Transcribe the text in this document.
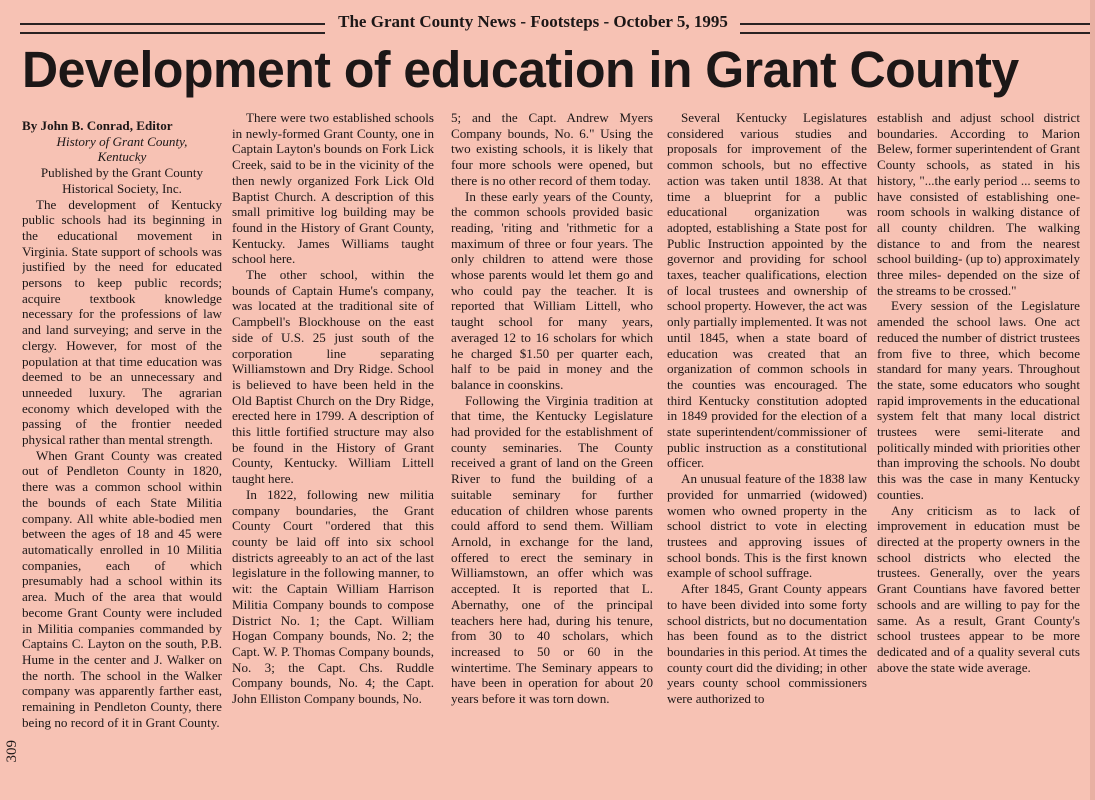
The Grant County News - Footsteps - October 5, 1995
Development of education in Grant County
By John B. Conrad, Editor
History of Grant County,
Kentucky
Published by the Grant County
Historical Society, Inc.

The development of Kentucky public schools had its beginning in the educational movement in Virginia. State support of schools was justified by the need for educated persons to keep public records; acquire textbook knowledge necessary for the professions of law and land surveying; and serve in the clergy. However, for most of the population at that time education was deemed to be an unnecessary and unneeded luxury. The agrarian economy which developed with the passing of the frontier needed physical rather than mental strength.

When Grant County was created out of Pendleton County in 1820, there was a common school within the bounds of each State Militia company. All white able-bodied men between the ages of 18 and 45 were automatically enrolled in 10 Militia companies, each of which presumably had a school within its area. Much of the area that would become Grant County were included in Militia companies commanded by Captains C. Layton on the south, P.B. Hume in the center and J. Walker on the north. The school in the Walker company was apparently farther east, remaining in Pendleton County, there being no record of it in Grant County.

There were two established schools in newly-formed Grant County, one in Captain Layton's bounds on Fork Lick Creek, said to be in the vicinity of the then newly organized Fork Lick Old Baptist Church. A description of this small primitive log building may be found in the History of Grant County, Kentucky. James Williams taught school here.

The other school, within the bounds of Captain Hume's company, was located at the traditional site of Campbell's Blockhouse on the east side of U.S. 25 just south of the corporation line separating Williamstown and Dry Ridge. School is believed to have been held in the Old Baptist Church on the Dry Ridge, erected here in 1799. A description of this little fortified structure may also be found in the History of Grant County, Kentucky. William Littell taught here.

In 1822, following new militia company boundaries, the Grant County Court "ordered that this county be laid off into six school districts agreeably to an act of the last legislature in the following manner, to wit: the Captain William Harrison Militia Company bounds to compose District No. 1; the Capt. William Hogan Company bounds, No. 2; the Capt. W. P. Thomas Company bounds, No. 3; the Capt. Chs. Ruddle Company bounds, No. 4; the Capt. John Elliston Company bounds, No.

5; and the Capt. Andrew Myers Company bounds, No. 6." Using the two existing schools, it is likely that four more schools were opened, but there is no other record of them today.

In these early years of the County, the common schools provided basic reading, 'riting and 'rithmetic for a maximum of three or four years. The only children to attend were those whose parents would let them go and who could pay the teacher. It is reported that William Littell, who taught school for many years, averaged 12 to 16 scholars for which he charged $1.50 per quarter each, half to be paid in money and the balance in coonskins.

Following the Virginia tradition at that time, the Kentucky Legislature had provided for the establishment of county seminaries. The County received a grant of land on the Green River to fund the building of a suitable seminary for further education of children whose parents could afford to send them. William Arnold, in exchange for the land, offered to erect the seminary in Williamstown, an offer which was accepted. It is reported that L. Abernathy, one of the principal teachers here had, during his tenure, from 30 to 40 scholars, which increased to 50 or 60 in the wintertime. The Seminary appears to have been in operation for about 20 years before it was torn down.

Several Kentucky Legislatures considered various studies and proposals for improvement of the common schools, but no effective action was taken until 1838. At that time a blueprint for a public educational organization was adopted, establishing a State post for Public Instruction appointed by the governor and providing for school taxes, teacher qualifications, election of local trustees and ownership of school property. However, the act was only partially implemented. It was not until 1845, when a state board of education was created that an organization of common schools in the counties was encouraged. The third Kentucky constitution adopted in 1849 provided for the election of a state superintendent/commissioner of public instruction as a constitutional officer.

An unusual feature of the 1838 law provided for unmarried (widowed) women who owned property in the school district to vote in electing trustees and approving issues of school bonds. This is the first known example of school suffrage.

After 1845, Grant County appears to have been divided into some forty school districts, but no documentation has been found as to the district boundaries in this period. At times the county court did the dividing; in other years county school commissioners were authorized to

establish and adjust school district boundaries. According to Marion Belew, former superintendent of Grant County schools, as stated in his history, "...the early period ... seems to have consisted of establishing one-room schools in walking distance of all county children. The walking distance to and from the nearest school building- (up to) approximately three miles- depended on the size of the streams to be crossed."

Every session of the Legislature amended the school laws. One act reduced the number of district trustees from five to three, which become standard for many years. Throughout the state, some educators who sought rapid improvements in the educational system felt that many local district trustees were semi-literate and politically minded with priorities other than improving the schools. No doubt this was the case in many Kentucky counties.

Any criticism as to lack of improvement in education must be directed at the property owners in the school districts who elected the trustees. Generally, over the years Grant Countians have favored better schools and are willing to pay for the same. As a result, Grant County's school trustees appear to be more dedicated and of a quality several cuts above the state wide average.

309
